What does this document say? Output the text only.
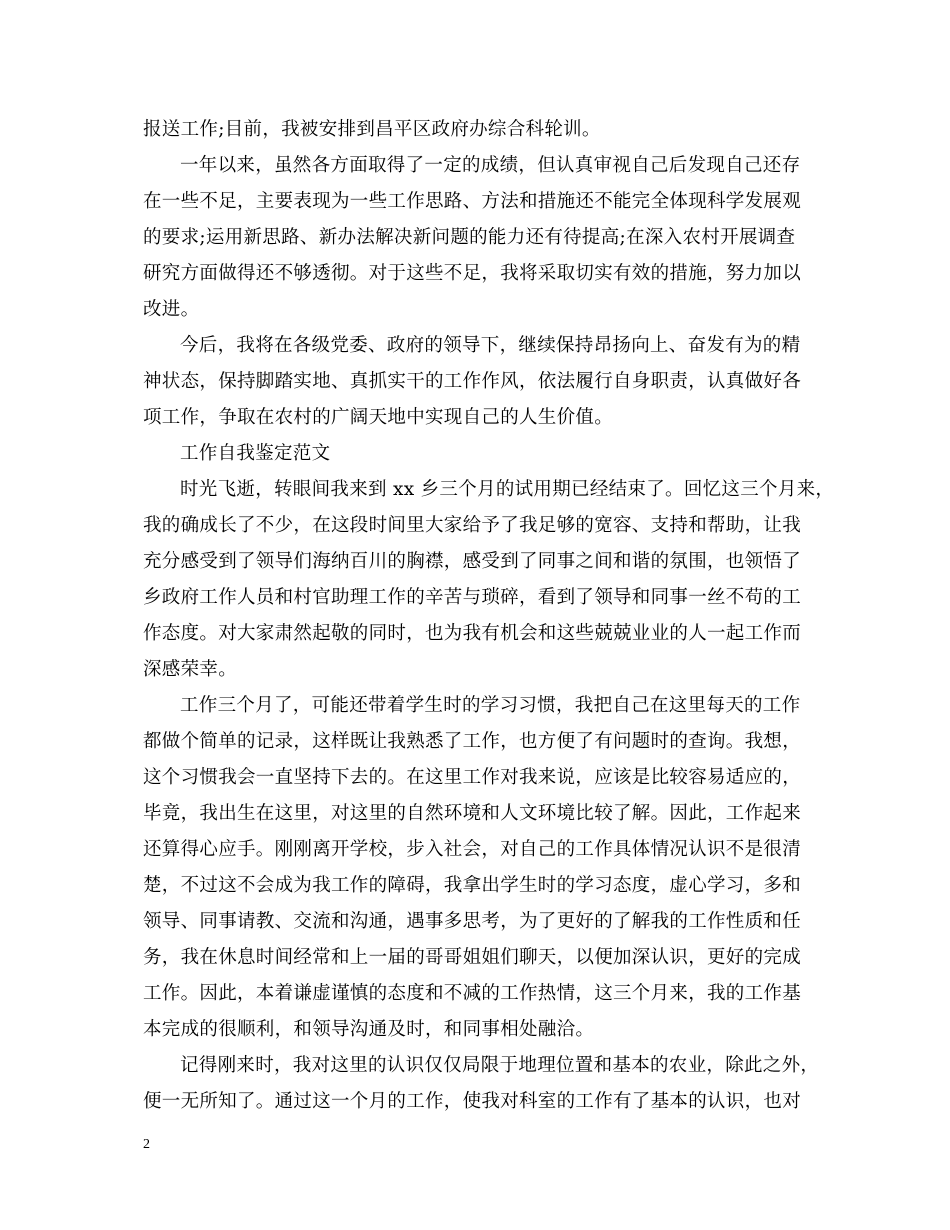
报送工作;目前，我被安排到昌平区政府办综合科轮训。

一年以来，虽然各方面取得了一定的成绩，但认真审视自己后发现自己还存

在一些不足，主要表现为一些工作思路、方法和措施还不能完全体现科学发展观

的要求;运用新思路、新办法解决新问题的能力还有待提高;在深入农村开展调查

研究方面做得还不够透彻。对于这些不足，我将采取切实有效的措施，努力加以

改进。

今后，我将在各级党委、政府的领导下，继续保持昂扬向上、奋发有为的精

神状态，保持脚踏实地、真抓实干的工作作风，依法履行自身职责，认真做好各

项工作，争取在农村的广阔天地中实现自己的人生价值。

工作自我鉴定范文

时光飞逝，转眼间我来到 xx 乡三个月的试用期已经结束了。回忆这三个月来，

我的确成长了不少，在这段时间里大家给予了我足够的宽容、支持和帮助，让我

充分感受到了领导们海纳百川的胸襟，感受到了同事之间和谐的氛围，也领悟了

乡政府工作人员和村官助理工作的辛苦与琐碎，看到了领导和同事一丝不苟的工

作态度。对大家肃然起敬的同时，也为我有机会和这些兢兢业业的人一起工作而

深感荣幸。

工作三个月了，可能还带着学生时的学习习惯，我把自己在这里每天的工作

都做个简单的记录，这样既让我熟悉了工作，也方便了有问题时的查询。我想，

这个习惯我会一直坚持下去的。在这里工作对我来说，应该是比较容易适应的，

毕竟，我出生在这里，对这里的自然环境和人文环境比较了解。因此，工作起来

还算得心应手。刚刚离开学校，步入社会，对自己的工作具体情况认识不是很清

楚，不过这不会成为我工作的障碍，我拿出学生时的学习态度，虚心学习，多和

领导、同事请教、交流和沟通，遇事多思考，为了更好的了解我的工作性质和任

务，我在休息时间经常和上一届的哥哥姐姐们聊天，以便加深认识，更好的完成

工作。因此，本着谦虚谨慎的态度和不减的工作热情，这三个月来，我的工作基

本完成的很顺利，和领导沟通及时，和同事相处融洽。

记得刚来时，我对这里的认识仅仅局限于地理位置和基本的农业，除此之外，

便一无所知了。通过这一个月的工作，使我对科室的工作有了基本的认识，也对

2
